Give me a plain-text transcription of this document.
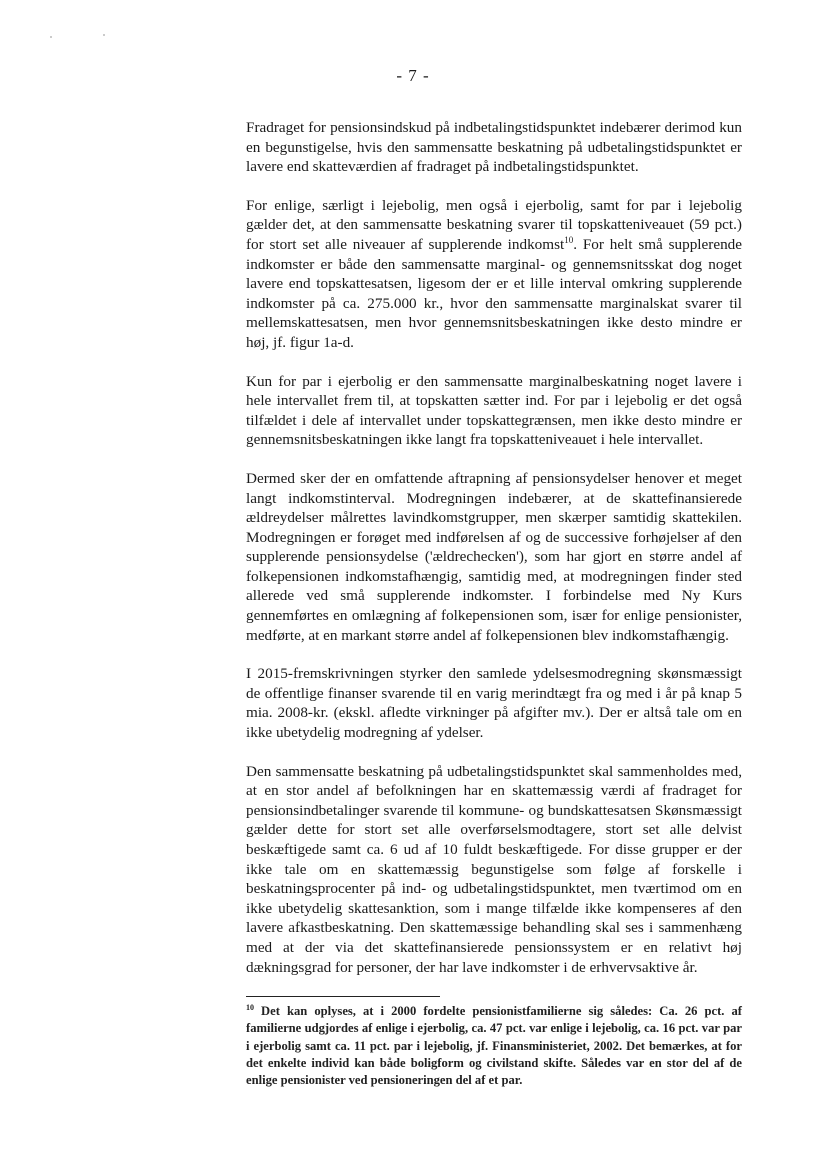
- 7 -

Fradraget for pensionsindskud på indbetalingstidspunktet indebærer derimod kun en begunstigelse, hvis den sammensatte beskatning på udbetalingstidspunktet er lavere end skatteværdien af fradraget på indbetalingstidspunktet.

For enlige, særligt i lejebolig, men også i ejerbolig, samt for par i lejebolig gælder det, at den sammensatte beskatning svarer til topskatteniveauet (59 pct.) for stort set alle niveauer af supplerende indkomst$^{10}$. For helt små supplerende indkomster er både den sammensatte marginal- og gennemsnitsskat dog noget lavere end topskattesatsen, ligesom der er et lille interval omkring supplerende indkomster på ca. 275.000 kr., hvor den sammensatte marginalskat svarer til mellemskattesatsen, men hvor gennemsnitsbeskatningen ikke desto mindre er høj, jf. figur 1a-d.

Kun for par i ejerbolig er den sammensatte marginalbeskatning noget lavere i hele intervallet frem til, at topskatten sætter ind. For par i lejebolig er det også tilfældet i dele af intervallet under topskattegrænsen, men ikke desto mindre er gennemsnitsbeskatningen ikke langt fra topskatteniveauet i hele intervallet.

Dermed sker der en omfattende aftrapning af pensionsydelser henover et meget langt indkomstinterval. Modregningen indebærer, at de skattefinansierede ældreydelser målrettes lavindkomstgrupper, men skærper samtidig skattekilen. Modregningen er forøget med indførelsen af og de successive forhøjelser af den supplerende pensionsydelse ('ældrechecken'), som har gjort en større andel af folkepensionen indkomstafhængig, samtidig med, at modregningen finder sted allerede ved små supplerende indkomster. I forbindelse med Ny Kurs gennemførtes en omlægning af folkepensionen som, især for enlige pensionister, medførte, at en markant større andel af folkepensionen blev indkomstafhængig.

I 2015-fremskrivningen styrker den samlede ydelsesmodregning skønsmæssigt de offentlige finanser svarende til en varig merindtægt fra og med i år på knap 5 mia. 2008-kr. (ekskl. afledte virkninger på afgifter mv.). Der er altså tale om en ikke ubetydelig modregning af ydelser.

Den sammensatte beskatning på udbetalingstidspunktet skal sammenholdes med, at en stor andel af befolkningen har en skattemæssig værdi af fradraget for pensionsindbetalinger svarende til kommune- og bundskattesatsen Skønsmæssigt gælder dette for stort set alle overførselsmodtagere, stort set alle delvist beskæftigede samt ca. 6 ud af 10 fuldt beskæftigede. For disse grupper er der ikke tale om en skattemæssig begunstigelse som følge af forskelle i beskatningsprocenter på ind- og udbetalingstidspunktet, men tværtimod om en ikke ubetydelig skattesanktion, som i mange tilfælde ikke kompenseres af den lavere afkastbeskatning. Den skattemæssige behandling skal ses i sammenhæng med at der via det skattefinansierede pensionssystem er en relativt høj dækningsgrad for personer, der har lave indkomster i de erhvervsaktive år.

$^{10}$ Det kan oplyses, at i 2000 fordelte pensionistfamilierne sig således: Ca. 26 pct. af familierne udgjordes af enlige i ejerbolig, ca. 47 pct. var enlige i lejebolig, ca. 16 pct. var par i ejerbolig samt ca. 11 pct. par i lejebolig, jf. Finansministeriet, 2002. Det bemærkes, at for det enkelte individ kan både boligform og civilstand skifte. Således var en stor del af de enlige pensionister ved pensioneringen del af et par.
